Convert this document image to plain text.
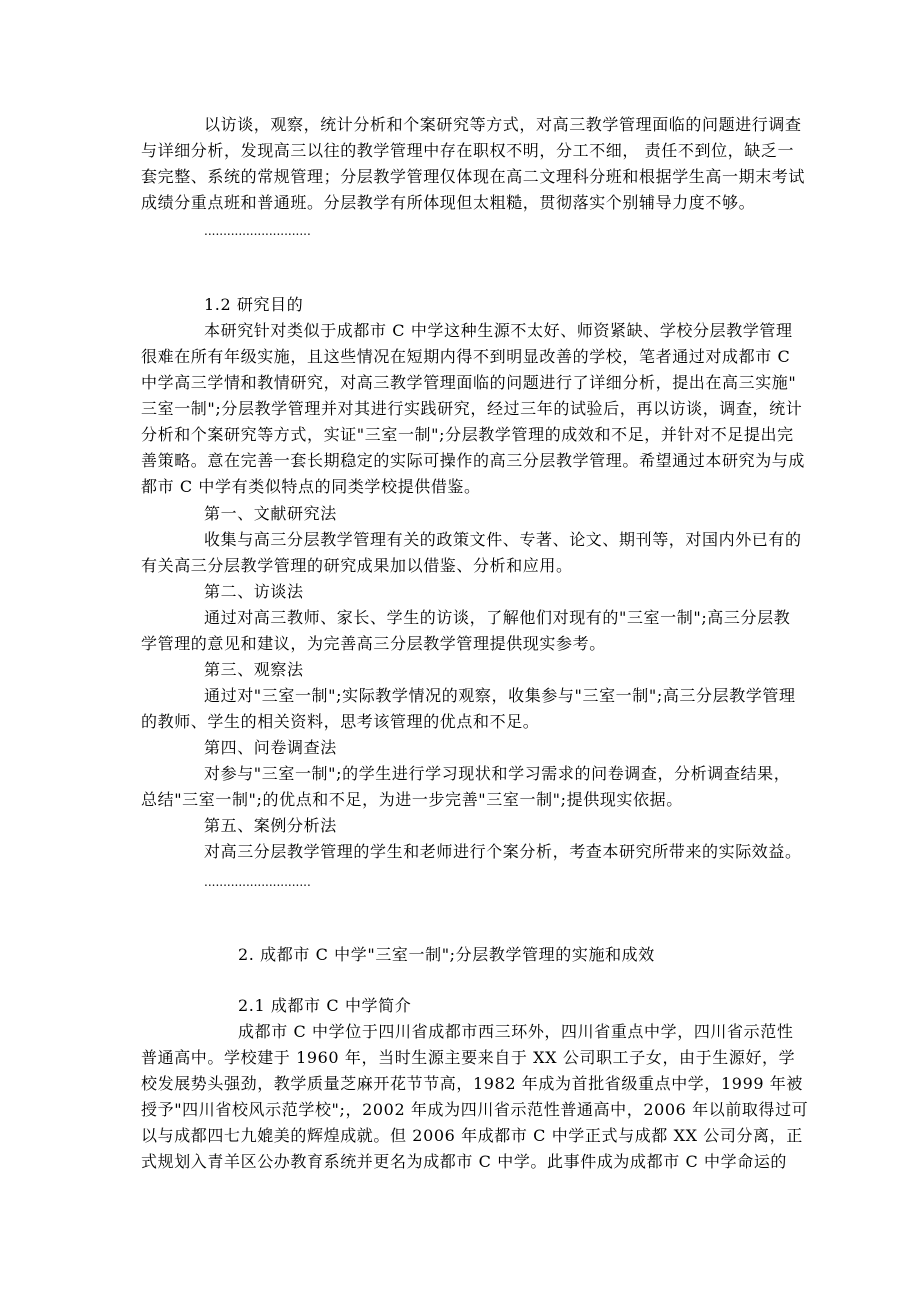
以访谈，观察，统计分析和个案研究等方式，对高三教学管理面临的问题进行调查
与详细分析，发现高三以往的教学管理中存在职权不明，分工不细， 责任不到位，缺乏一
套完整、系统的常规管理；分层教学管理仅体现在高二文理科分班和根据学生高一期末考试
成绩分重点班和普通班。分层教学有所体现但太粗糙，贯彻落实个别辅导力度不够。
............................
1.2 研究目的
本研究针对类似于成都市 C 中学这种生源不太好、师资紧缺、学校分层教学管理
很难在所有年级实施，且这些情况在短期内得不到明显改善的学校，笔者通过对成都市 C
中学高三学情和教情研究，对高三教学管理面临的问题进行了详细分析，提出在高三实施"
三室一制";分层教学管理并对其进行实践研究，经过三年的试验后，再以访谈，调查，统计
分析和个案研究等方式，实证"三室一制";分层教学管理的成效和不足，并针对不足提出完
善策略。意在完善一套长期稳定的实际可操作的高三分层教学管理。希望通过本研究为与成
都市 C 中学有类似特点的同类学校提供借鉴。
第一、文献研究法
收集与高三分层教学管理有关的政策文件、专著、论文、期刊等，对国内外已有的
有关高三分层教学管理的研究成果加以借鉴、分析和应用。
第二、访谈法
通过对高三教师、家长、学生的访谈，了解他们对现有的"三室一制";高三分层教
学管理的意见和建议，为完善高三分层教学管理提供现实参考。
第三、观察法
通过对"三室一制";实际教学情况的观察，收集参与"三室一制";高三分层教学管理
的教师、学生的相关资料，思考该管理的优点和不足。
第四、问卷调查法
对参与"三室一制";的学生进行学习现状和学习需求的问卷调查，分析调查结果，
总结"三室一制";的优点和不足，为进一步完善"三室一制";提供现实依据。
第五、案例分析法
对高三分层教学管理的学生和老师进行个案分析，考查本研究所带来的实际效益。
............................
2. 成都市 C 中学"三室一制";分层教学管理的实施和成效
2.1 成都市 C 中学简介
成都市 C 中学位于四川省成都市西三环外，四川省重点中学，四川省示范性
普通高中。学校建于 1960 年，当时生源主要来自于 XX 公司职工子女，由于生源好，学
校发展势头强劲，教学质量芝麻开花节节高，1982 年成为首批省级重点中学，1999 年被
授予"四川省校风示范学校";，2002 年成为四川省示范性普通高中，2006 年以前取得过可
以与成都四七九媲美的辉煌成就。但 2006 年成都市 C 中学正式与成都 XX 公司分离，正
式规划入青羊区公办教育系统并更名为成都市 C 中学。此事件成为成都市 C 中学命运的
